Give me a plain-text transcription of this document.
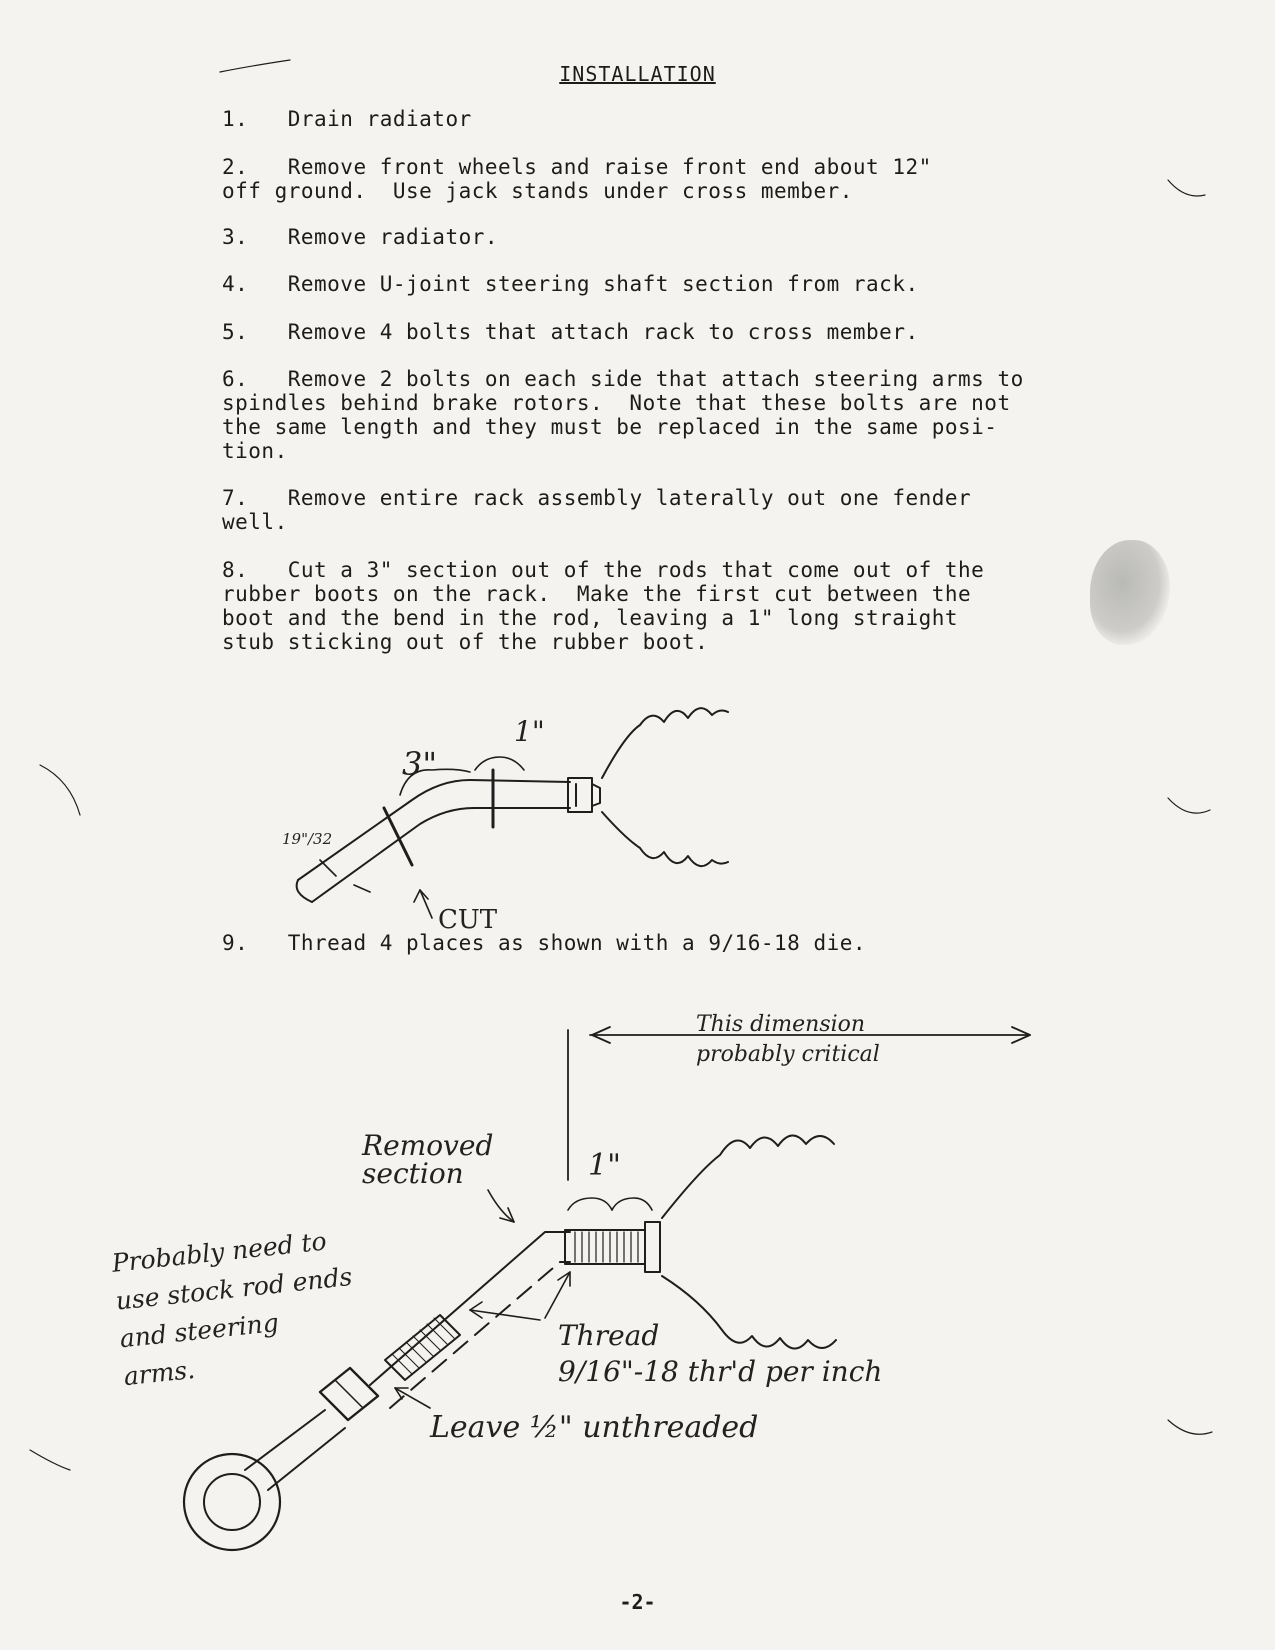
INSTALLATION
1. Drain radiator
2. Remove front wheels and raise front end about 12"
off ground.  Use jack stands under cross member.
3. Remove radiator.
4. Remove U-joint steering shaft section from rack.
5. Remove 4 bolts that attach rack to cross member.
6. Remove 2 bolts on each side that attach steering arms to
spindles behind brake rotors.  Note that these bolts are not
the same length and they must be replaced in the same posi-
tion.
7. Remove entire rack assembly laterally out one fender
well.
8. Cut a 3" section out of the rods that come out of the
rubber boots on the rack.  Make the first cut between the
boot and the bend in the rod, leaving a 1" long straight
stub sticking out of the rubber boot.
9. Thread 4 places as shown with a 9/16-18 die.
3"
1"
19"/32
CUT
This dimension
probably critical
Removed
section	1"
Thread
9/16"-18 thr'd per inch
Leave ½" unthreaded
Probably need to
use stock rod ends
and steering
arms.
-2-
